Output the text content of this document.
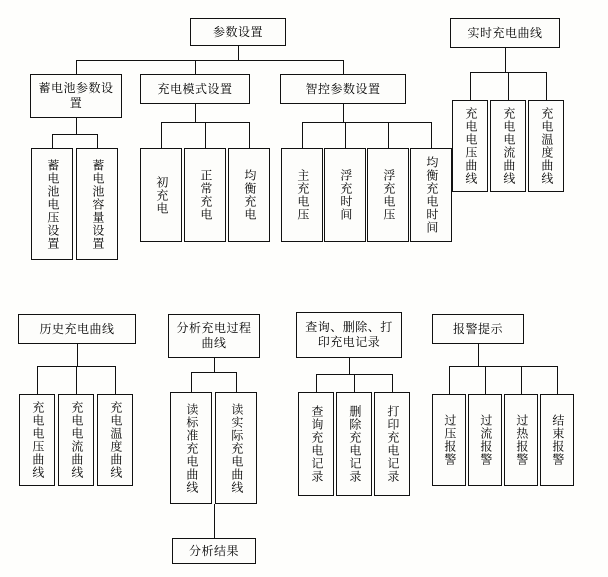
参数设置
蓄电池参数设置
充电模式设置	智控参数设置
蓄电池电压设置	蓄电池容量设置	初充电	正常充电	均衡充电	主充电压	浮充时间	浮充电压	均衡充电时间
实时充电曲线
充电电压曲线	充电电流曲线	充电温度曲线
历史充电曲线
充电电压曲线	充电电流曲线	充电温度曲线
分析充电过程曲线
读标准充电曲线	读实际充电曲线
分析结果
查询、删除、打印充电记录
查询充电记录	删除充电记录	打印充电记录
报警提示
过压报警	过流报警	过热报警	结束报警
